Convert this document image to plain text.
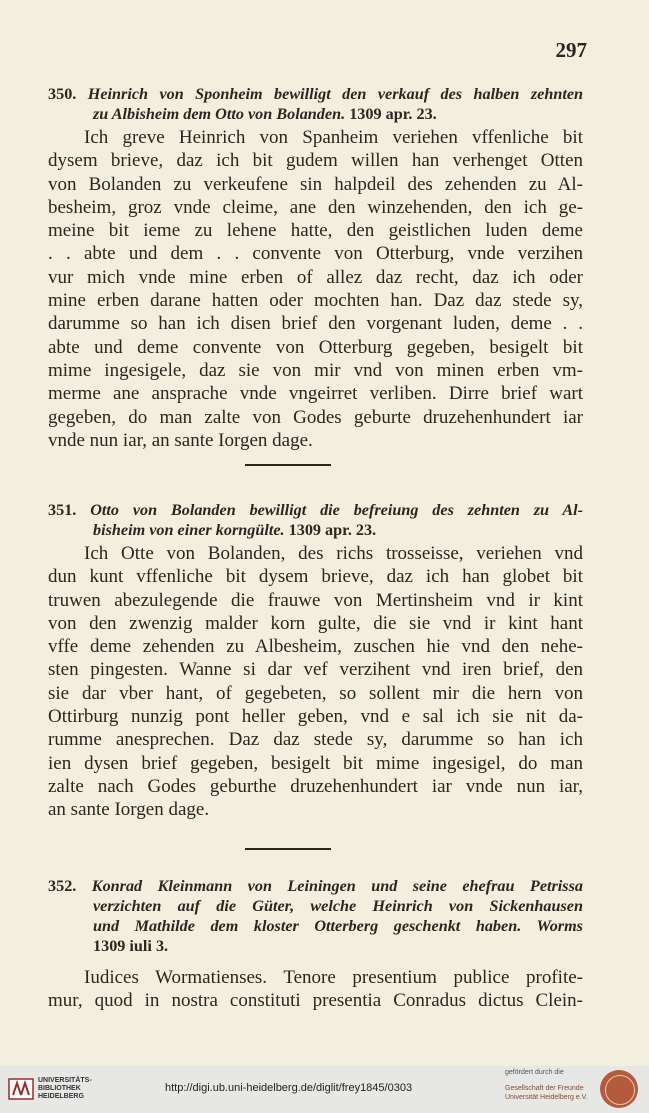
297
350. Heinrich von Sponheim bewilligt den verkauf des halben zehnten
zu Albisheim dem Otto von Bolanden. 1309 apr. 23.
Ich greve Heinrich von Spanheim veriehen vffenliche bit
dysem brieve, daz ich bit gudem willen han verhenget Otten
von Bolanden zu verkeufene sin halpdeil des zehenden zu Al-
besheim, groz vnde cleime, ane den winzehenden, den ich ge-
meine bit ieme zu lehene hatte, den geistlichen luden deme
. . abte und dem . . convente von Otterburg, vnde verzihen
vur mich vnde mine erben of allez daz recht, daz ich oder
mine erben darane hatten oder mochten han. Daz daz stede sy,
darumme so han ich disen brief den vorgenant luden, deme . .
abte und deme convente von Otterburg gegeben, besigelt bit
mime ingesigele, daz sie von mir vnd von minen erben vm-
merme ane ansprache vnde vngeirret verliben. Dirre brief wart
gegeben, do man zalte von Godes geburte druzehenhundert iar
vnde nun iar, an sante Iorgen dage.
351. Otto von Bolanden bewilligt die befreiung des zehnten zu Al-
bisheim von einer korngülte. 1309 apr. 23.
Ich Otte von Bolanden, des richs trosseisse, veriehen vnd
dun kunt vffenliche bit dysem brieve, daz ich han globet bit
truwen abezulegende die frauwe von Mertinsheim vnd ir kint
von den zwenzig malder korn gulte, die sie vnd ir kint hant
vffe deme zehenden zu Albesheim, zuschen hie vnd den nehe-
sten pingesten. Wanne si dar vef verzihent vnd iren brief, den
sie dar vber hant, of gegebeten, so sollent mir die hern von
Ottirburg nunzig pont heller geben, vnd e sal ich sie nit da-
rumme anesprechen. Daz daz stede sy, darumme so han ich
ien dysen brief gegeben, besigelt bit mime ingesigel, do man
zalte nach Godes geburthe druzehenhundert iar vnde nun iar,
an sante Iorgen dage.
352. Konrad Kleinmann von Leiningen und seine ehefrau Petrissa
verzichten auf die Güter, welche Heinrich von Sickenhausen
und Mathilde dem kloster Otterberg geschenkt haben. Worms
1309 iuli 3.
Iudices Wormatienses. Tenore presentium publice profite-
mur, quod in nostra constituti presentia Conradus dictus Clein-
UNIVERSITÄTS-
BIBLIOTHEK
HEIDELBERG
http://digi.ub.uni-heidelberg.de/diglit/frey1845/0303
gefördert durch die
Gesellschaft der Freunde
Universität Heidelberg e.V.
